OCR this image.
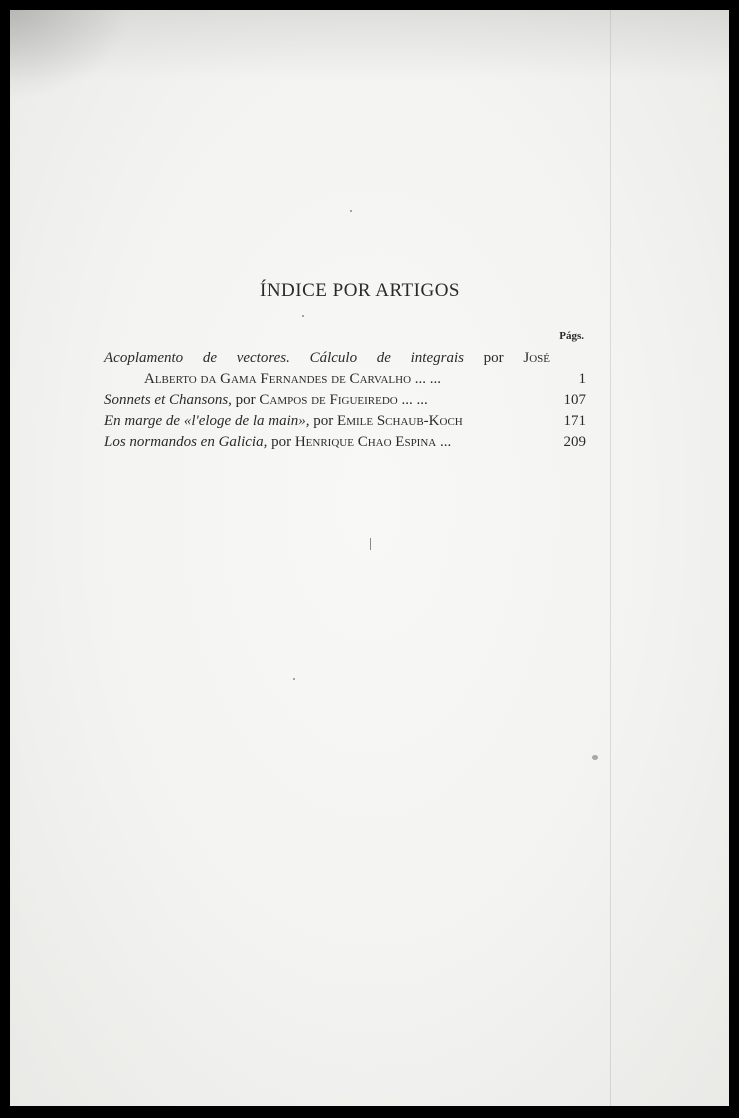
ÍNDICE POR ARTIGOS
Págs.
Acoplamento de vectores. Cálculo de integrais por José
Alberto da Gama Fernandes de Carvalho ... ...	1
Sonnets et Chansons, por Campos de Figueiredo ... ...	107
En marge de «l'eloge de la main», por Emile Schaub-Koch	171
Los normandos en Galicia, por Henrique Chao Espina ...	209
